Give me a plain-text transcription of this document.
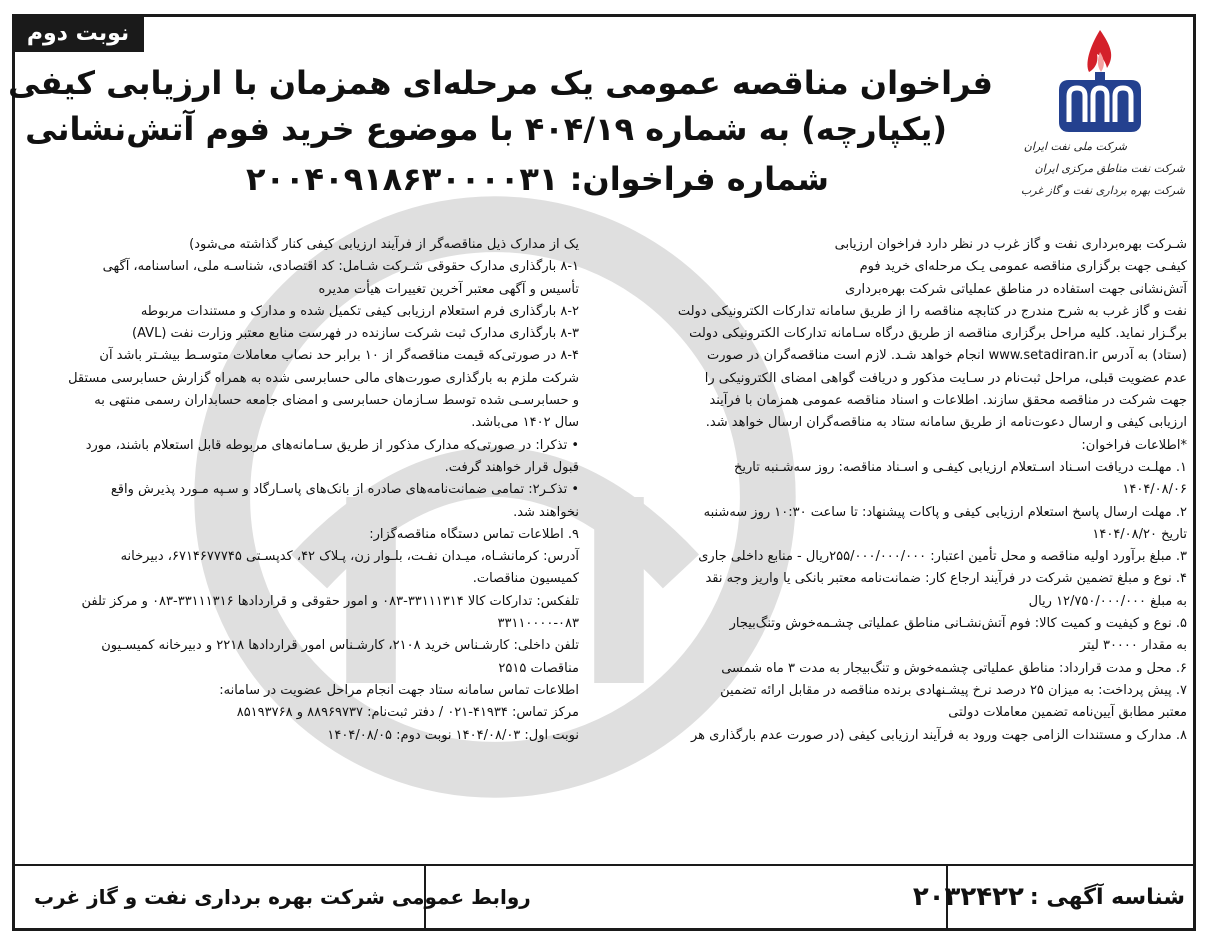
نوبت دوم
شرکت ملی نفت ایران
شرکت نفت مناطق مرکزی ایران
شرکت بهره برداری نفت و گاز غرب
فراخوان مناقصه عمومی یک مرحله‌ای همزمان با ارزیابی کیفی
(یکپارچه) به شماره ۴۰۴/۱۹ با موضوع خرید فوم آتش‌نشانی
شماره فراخوان: ۲۰۰۴۰۹۱۸۶۳۰۰۰۰۳۱

شـرکت بهره‌برداری نفت و گاز غرب در نظر دارد فراخوان ارزیابی

کیفـی جهت برگزاری مناقصه عمومی یـک مرحله‌ای خرید فوم

آتش‌نشانی جهت استفاده در مناطق عملیاتی شرکت بهره‌برداری

نفت و گاز غرب به شرح مندرج در کتابچه مناقصه را از طریق سامانه تدارکات الکترونیکی دولت

برگـزار نماید. کلیه مراحل برگزاری مناقصه از طریق درگاه سـامانه تدارکات الکترونیکی دولت

(ستاد) به آدرس www.setadiran.ir انجام خواهد شـد. لازم است مناقصه‌گران در صورت

عدم عضویت قبلی، مراحل ثبت‌نام در سـایت مذکور و دریافت گواهی امضای الکترونیکی را

جهت شرکت در مناقصه محقق سازند. اطلاعات و اسناد مناقصه عمومی همزمان با فرآیند

ارزیابی کیفی و ارسال دعوت‌نامه از طریق سامانه ستاد به مناقصه‌گران ارسال خواهد شد.

*اطلاعات فراخوان:

۱. مهلـت دریافت اسـناد اسـتعلام ارزیابی کیفـی و اسـناد مناقصه: روز سه‌شـنبه تاریخ

۱۴۰۴/۰۸/۰۶

۲. مهلت ارسال پاسخ استعلام ارزیابی کیفی و پاکات پیشنهاد: تا ساعت ۱۰:۳۰ روز سه‌شنبه

تاریخ ۱۴۰۴/۰۸/۲۰

۳. مبلغ برآورد اولیه مناقصه و محل تأمین اعتبار: ۲۵۵/۰۰۰/۰۰۰/۰۰۰ریال - منابع داخلی جاری

۴. نوع و مبلغ تضمین شرکت در فرآیند ارجاع کار: ضمانت‌نامه معتبر بانکی یا واریز وجه نقد

به مبلغ ۱۲/۷۵۰/۰۰۰/۰۰۰ ریال

۵. نوع و کیفیت و کمیت کالا: فوم آتش‌نشـانی مناطق عملیاتی چشـمه‌خوش وتنگ‌بیجار

به مقدار ۳۰۰۰۰ لیتر

۶. محل و مدت قرارداد: مناطق عملیاتی چشمه‌خوش و تنگ‌بیجار به مدت ۳ ماه شمسی

۷. پیش پرداخت: به میزان ۲۵ درصد نرخ پیشـنهادی برنده مناقصه در مقابل ارائه تضمین

معتبر مطابق آیین‌نامه تضمین معاملات دولتی

۸. مدارک و مستندات الزامی جهت ورود به فرآیند ارزیابی کیفی (در صورت عدم بارگذاری هر

یک از مدارک ذیل مناقصه‌گر از فرآیند ارزیابی کیفی کنار گذاشته می‌شود)

۸-۱ بارگذاری مدارک حقوقی شـرکت شـامل: کد اقتصادی، شناسـه ملی، اساسنامه، آگهی

تأسیس و آگهی معتبر آخرین تغییرات هیأت مدیره

۸-۲ بارگذاری فرم استعلام ارزیابی کیفی تکمیل شده و مدارک و مستندات مربوطه

۸-۳ بارگذاری مدارک ثبت شرکت سازنده در فهرست منابع معتبر وزارت نفت (AVL)

۸-۴ در صورتی‌که قیمت مناقصه‌گر از ۱۰ برابر حد نصاب معاملات متوسـط بیشـتر باشد آن

شرکت ملزم به بارگذاری صورت‌های مالی حسابرسی شده به همراه گزارش حسابرسی مستقل

و حسابرسـی شده توسط سـازمان حسابرسی و امضای جامعه حسابداران رسمی منتهی به

سال ۱۴۰۲ می‌باشد.

• تذکرا: در صورتی‌که مدارک مذکور از طریق سـامانه‌های مربوطه قابل استعلام باشند، مورد

قبول قرار خواهند گرفت.

• تذکـر۲: تمامی ضمانت‌نامه‌های صادره از بانک‌های پاسـارگاد و سـپه مـورد پذیرش واقع

نخواهند شد.

۹. اطلاعات تماس دستگاه مناقصه‌گزار:

آدرس: کرمانشـاه، میـدان نفـت، بلـوار زن، پـلاک ۴۲، کدپسـتی ۶۷۱۴۶۷۷۷۴۵، دبیرخانه

کمیسیون مناقصات.

تلفکس: تدارکات کالا ۳۳۱۱۱۳۱۴-۰۸۳ و امور حقوقی و قراردادها ۳۳۱۱۱۳۱۶-۰۸۳ و مرکز تلفن

۳۳۱۱۰۰۰۰-۰۸۳

تلفن داخلی: کارشـناس خرید ۲۱۰۸، کارشـناس امور قراردادها ۲۲۱۸ و دبیرخانه کمیسـیون

مناقصات ۲۵۱۵

اطلاعات تماس سامانه ستاد جهت انجام مراحل عضویت در سامانه:

مرکز تماس: ۴۱۹۳۴-۰۲۱ / دفتر ثبت‌نام: ۸۸۹۶۹۷۳۷ و ۸۵۱۹۳۷۶۸

نوبت اول: ۱۴۰۴/۰۸/۰۳ نوبت دوم: ۱۴۰۴/۰۸/۰۵

شناسه آگهی :
۲۰۳۲۴۲۲
روابط عمومی شرکت بهره برداری نفت و گاز غرب
